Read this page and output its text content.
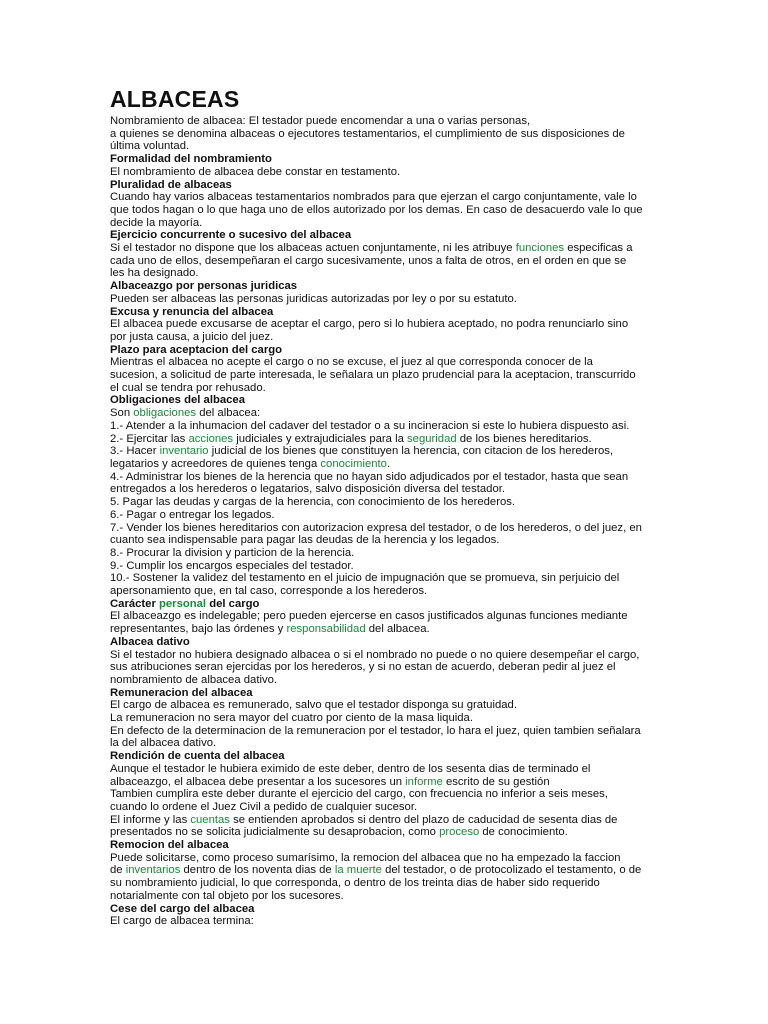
ALBACEAS
Nombramiento de albacea: El testador puede encomendar a una o varias personas,
a quienes se denomina albaceas o ejecutores testamentarios, el cumplimiento de sus disposiciones de
última voluntad.
Formalidad del nombramiento
El nombramiento de albacea debe constar en testamento.
Pluralidad de albaceas
Cuando hay varios albaceas testamentarios nombrados para que ejerzan el cargo conjuntamente, vale lo
que todos hagan o lo que haga uno de ellos autorizado por los demas. En caso de desacuerdo vale lo que
decide la mayoría.
Ejercicio concurrente o sucesivo del albacea
Si el testador no dispone que los albaceas actuen conjuntamente, ni les atribuye funciones especificas a
cada uno de ellos, desempeñaran el cargo sucesivamente, unos a falta de otros, en el orden en que se
les ha designado.
Albaceazgo por personas juridicas
Pueden ser albaceas las personas juridicas autorizadas por ley o por su estatuto.
Excusa y renuncia del albacea
El albacea puede excusarse de aceptar el cargo, pero si lo hubiera aceptado, no podra renunciarlo sino
por justa causa, a juicio del juez.
Plazo para aceptacion del cargo
Mientras el albacea no acepte el cargo o no se excuse, el juez al que corresponda conocer de la
sucesion, a solicitud de parte interesada, le señalara un plazo prudencial para la aceptacion, transcurrido
el cual se tendra por rehusado.
Obligaciones del albacea
Son obligaciones del albacea:
1.- Atender a la inhumacion del cadaver del testador o a su incineracion si este lo hubiera dispuesto asi.
2.- Ejercitar las acciones judiciales y extrajudiciales para la seguridad de los bienes hereditarios.
3.- Hacer inventario judicial de los bienes que constituyen la herencia, con citacion de los herederos,
legatarios y acreedores de quienes tenga conocimiento.
4.- Administrar los bienes de la herencia que no hayan sido adjudicados por el testador, hasta que sean
entregados a los herederos o legatarios, salvo disposición diversa del testador.
5. Pagar las deudas y cargas de la herencia, con conocimiento de los herederos.
6.- Pagar o entregar los legados.
7.- Vender los bienes hereditarios con autorizacion expresa del testador, o de los herederos, o del juez, en
cuanto sea indispensable para pagar las deudas de la herencia y los legados.
8.- Procurar la division y particion de la herencia.
9.- Cumplir los encargos especiales del testador.
10.- Sostener la validez del testamento en el juicio de impugnación que se promueva, sin perjuicio del
apersonamiento que, en tal caso, corresponde a los herederos.
Carácter personal del cargo
El albaceazgo es indelegable; pero pueden ejercerse en casos justificados algunas funciones mediante
representantes, bajo las órdenes y responsabilidad del albacea.
Albacea dativo
Si el testador no hubiera designado albacea o si el nombrado no puede o no quiere desempeñar el cargo,
sus atribuciones seran ejercidas por los herederos, y si no estan de acuerdo, deberan pedir al juez el
nombramiento de albacea dativo.
Remuneracion del albacea
El cargo de albacea es remunerado, salvo que el testador disponga su gratuidad.
La remuneracion no sera mayor del cuatro por ciento de la masa liquida.
En defecto de la determinacion de la remuneracion por el testador, lo hara el juez, quien tambien señalara
la del albacea dativo.
Rendición de cuenta del albacea
Aunque el testador le hubiera eximido de este deber, dentro de los sesenta dias de terminado el
albaceazgo, el albacea debe presentar a los sucesores un informe escrito de su gestión
Tambien cumplira este deber durante el ejercicio del cargo, con frecuencia no inferior a seis meses,
cuando lo ordene el Juez Civil a pedido de cualquier sucesor.
El informe y las cuentas se entienden aprobados si dentro del plazo de caducidad de sesenta dias de
presentados no se solicita judicialmente su desaprobacion, como proceso de conocimiento.
Remocion del albacea
Puede solicitarse, como proceso sumarísimo, la remocion del albacea que no ha empezado la faccion
de inventarios dentro de los noventa dias de la muerte del testador, o de protocolizado el testamento, o de
su nombramiento judicial, lo que corresponda, o dentro de los treinta dias de haber sido requerido
notarialmente con tal objeto por los sucesores.
Cese del cargo del albacea
El cargo de albacea termina:
